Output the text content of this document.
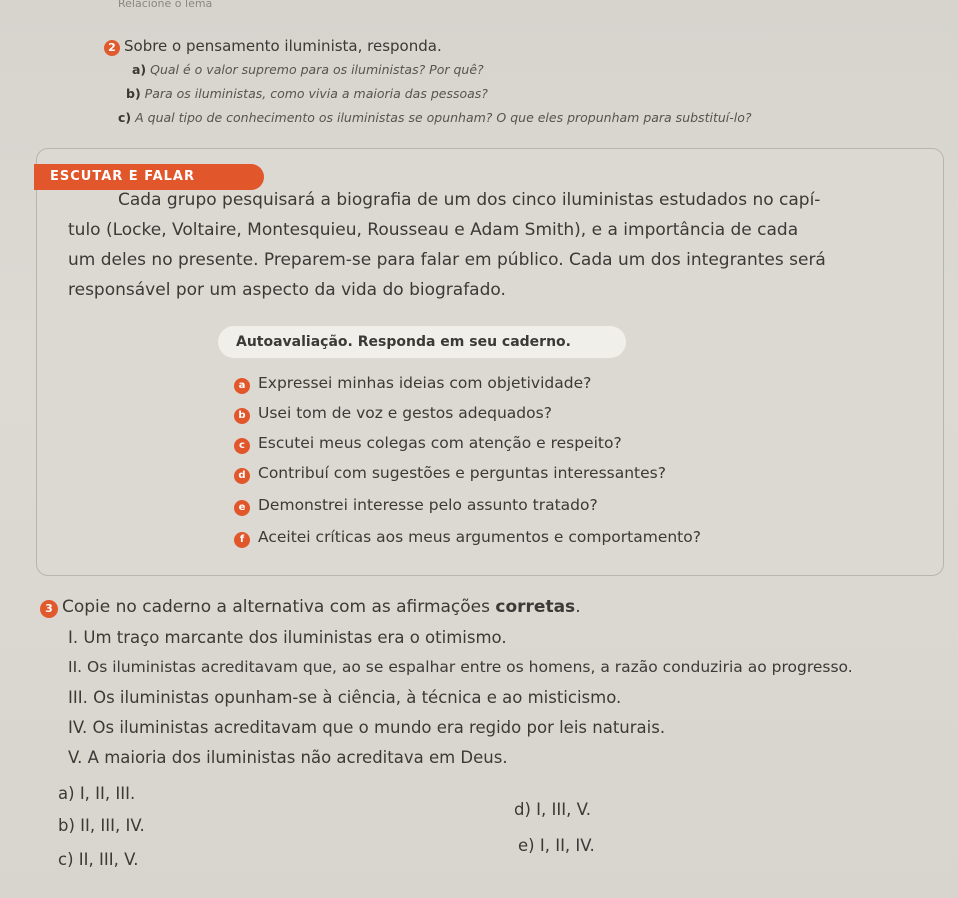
Relacione o lema
2 Sobre o pensamento iluminista, responda.
a) Qual é o valor supremo para os iluministas? Por quê?
b) Para os iluministas, como vivia a maioria das pessoas?
c) A qual tipo de conhecimento os iluministas se opunham? O que eles propunham para substituí-lo?
ESCUTAR E FALAR
Cada grupo pesquisará a biografia de um dos cinco iluministas estudados no capí-
tulo (Locke, Voltaire, Montesquieu, Rousseau e Adam Smith), e a importância de cada
um deles no presente. Preparem-se para falar em público. Cada um dos integrantes será
responsável por um aspecto da vida do biografado.
Autoavaliação. Responda em seu caderno.
a Expressei minhas ideias com objetividade?
b Usei tom de voz e gestos adequados?
c Escutei meus colegas com atenção e respeito?
d Contribuí com sugestões e perguntas interessantes?
e Demonstrei interesse pelo assunto tratado?
f Aceitei críticas aos meus argumentos e comportamento?
3 Copie no caderno a alternativa com as afirmações corretas.
I. Um traço marcante dos iluministas era o otimismo.
II. Os iluministas acreditavam que, ao se espalhar entre os homens, a razão conduziria ao progresso.
III. Os iluministas opunham-se à ciência, à técnica e ao misticismo.
IV. Os iluministas acreditavam que o mundo era regido por leis naturais.
V. A maioria dos iluministas não acreditava em Deus.
a) I, II, III.
b) II, III, IV.
c) II, III, V.
d) I, III, V.
e) I, II, IV.
